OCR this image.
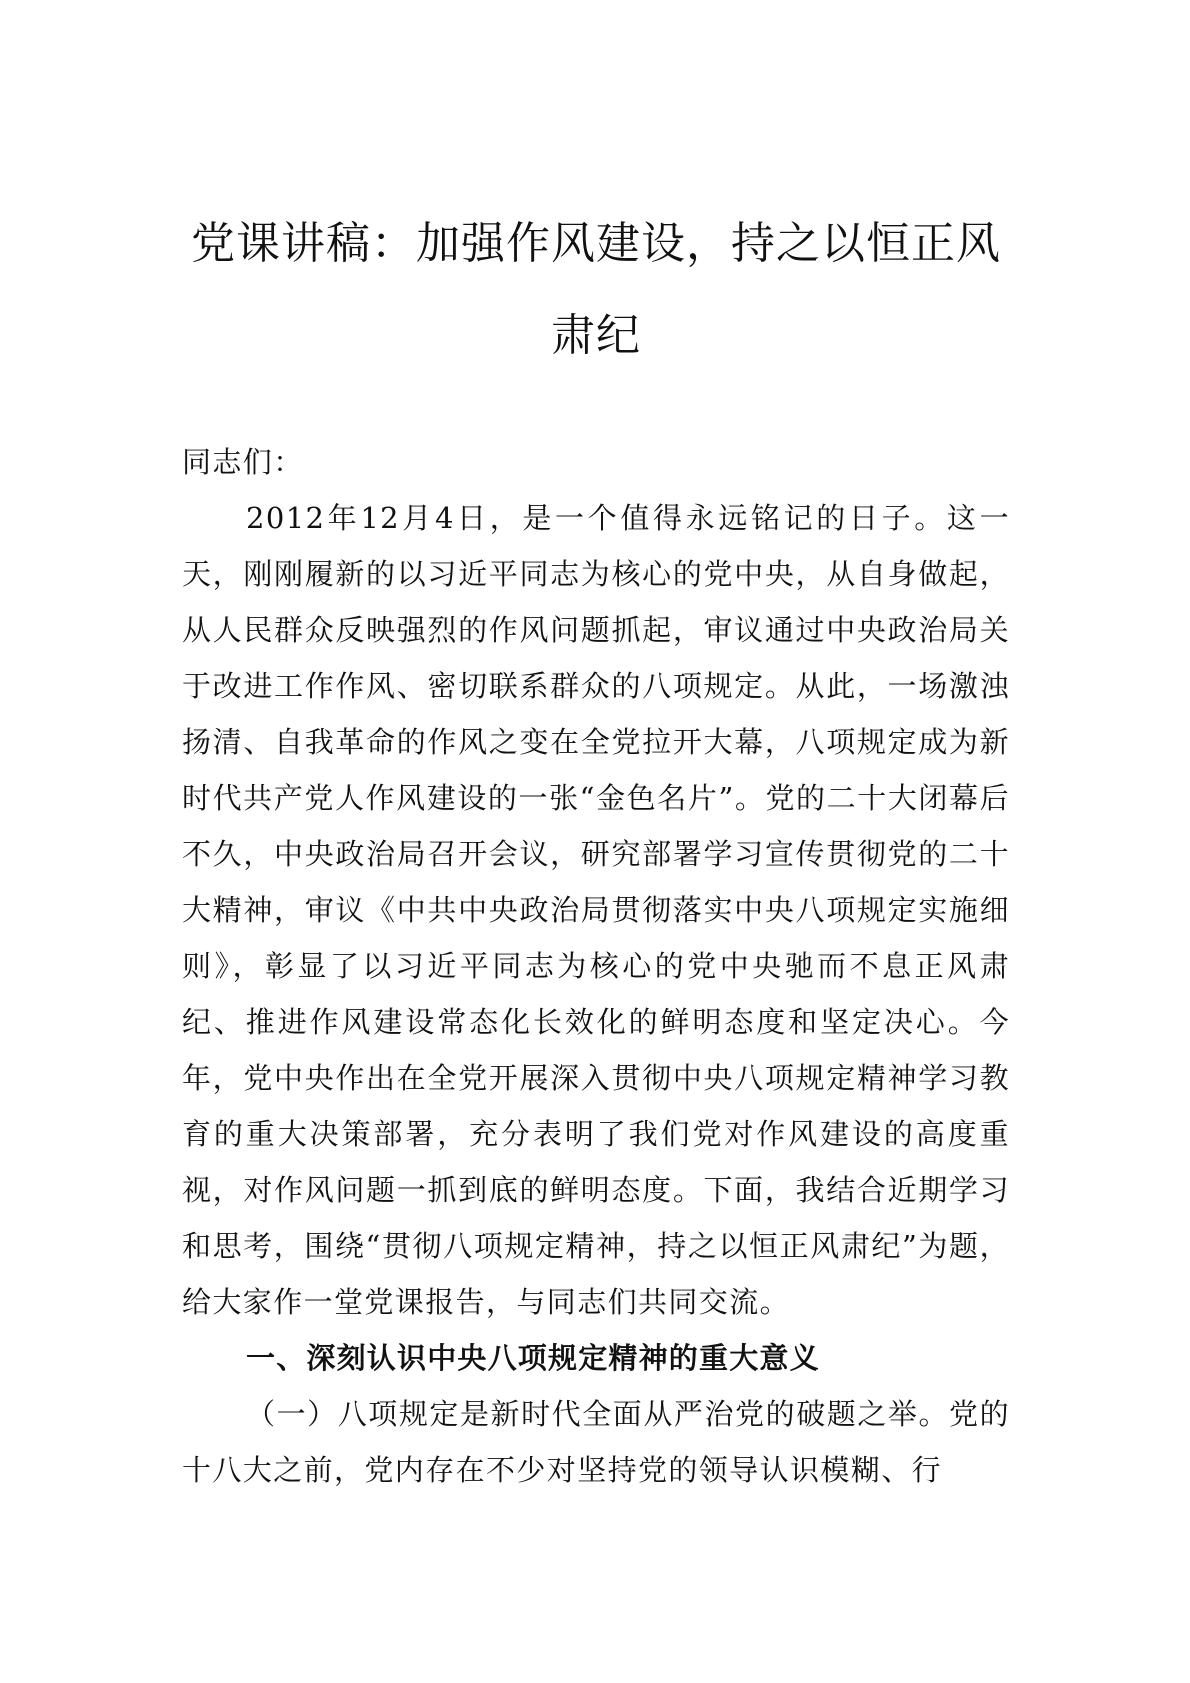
党课讲稿：加强作风建设，持之以恒正风肃纪

同志们：

2012年12月4日，是一个值得永远铭记的日子。这一天，刚刚履新的以习近平同志为核心的党中央，从自身做起，从人民群众反映强烈的作风问题抓起，审议通过中央政治局关于改进工作作风、密切联系群众的八项规定。从此，一场激浊扬清、自我革命的作风之变在全党拉开大幕，八项规定成为新时代共产党人作风建设的一张“金色名片”。党的二十大闭幕后不久，中央政治局召开会议，研究部署学习宣传贯彻党的二十大精神，审议《中共中央政治局贯彻落实中央八项规定实施细则》，彰显了以习近平同志为核心的党中央驰而不息正风肃纪、推进作风建设常态化长效化的鲜明态度和坚定决心。今年，党中央作出在全党开展深入贯彻中央八项规定精神学习教育的重大决策部署，充分表明了我们党对作风建设的高度重视，对作风问题一抓到底的鲜明态度。下面，我结合近期学习和思考，围绕“贯彻八项规定精神，持之以恒正风肃纪”为题，给大家作一堂党课报告，与同志们共同交流。

一、深刻认识中央八项规定精神的重大意义

（一）八项规定是新时代全面从严治党的破题之举。党的十八大之前，党内存在不少对坚持党的领导认识模糊、行
